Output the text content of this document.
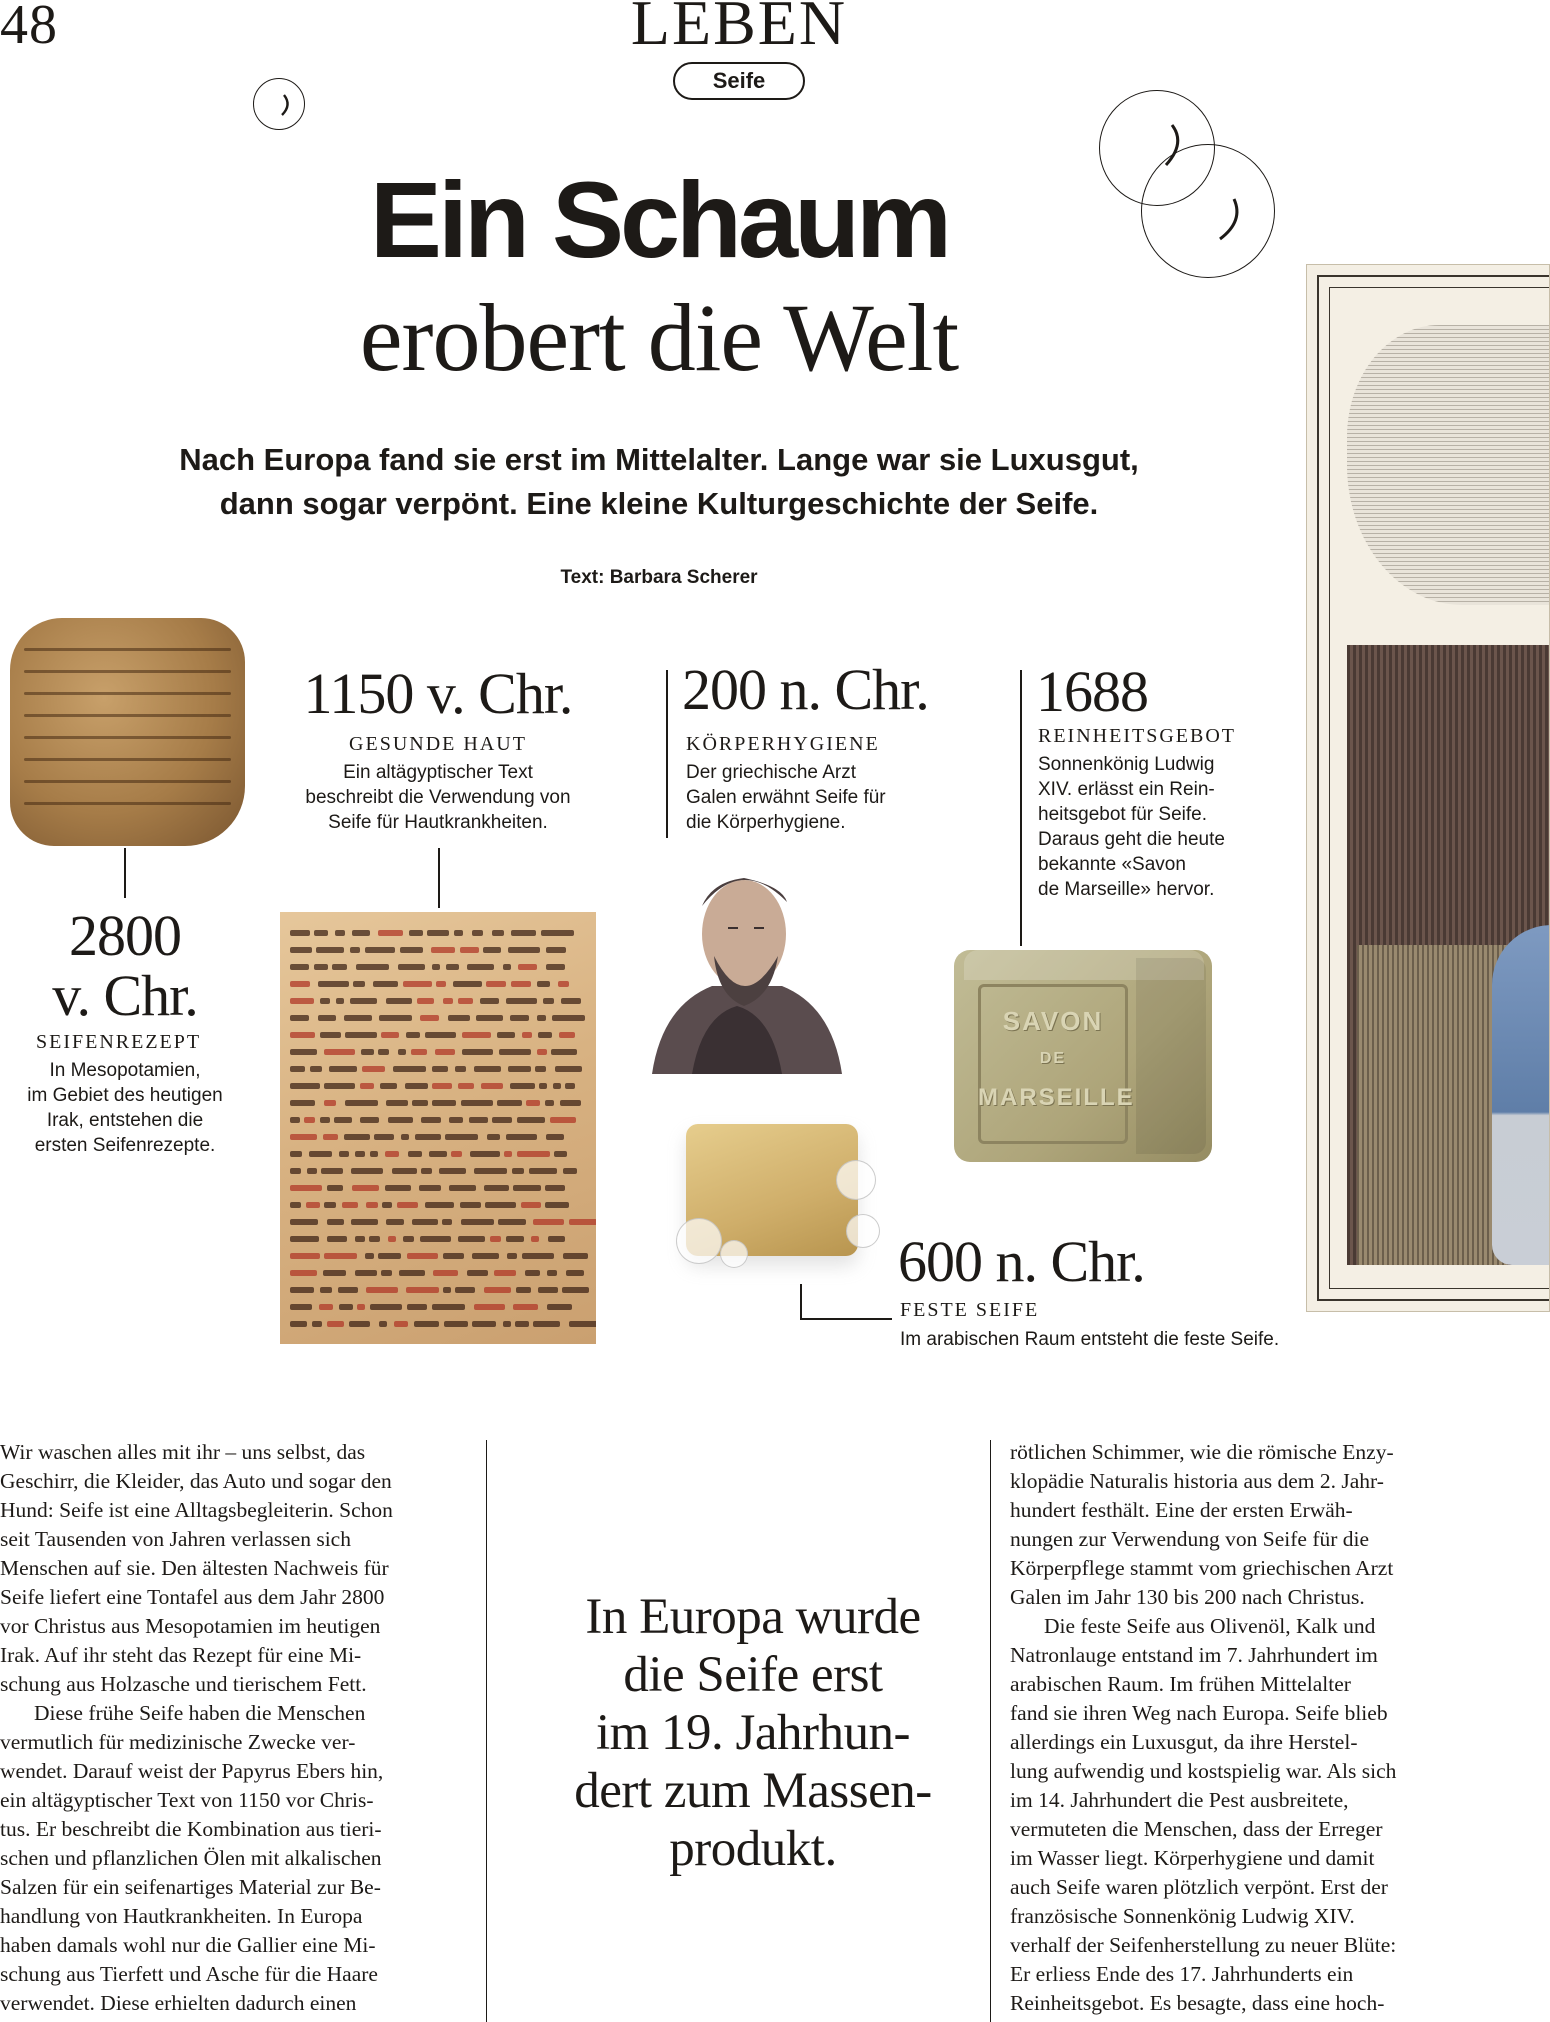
48	LEBEN
Seife
Ein Schaum
erobert die Welt
Nach Europa fand sie erst im Mittelalter. Lange war sie Luxusgut,
dann sogar verpönt. Eine kleine Kulturgeschichte der Seife.
Text: Barbara Scherer
SAVON
DE
MARSEILLE
2800
v. Chr.
SEIFENREZEPT
In Mesopotamien,
im Gebiet des heutigen
Irak, entstehen die
ersten Seifenrezepte.
1150 v. Chr.
GESUNDE HAUT
Ein altägyptischer Text
beschreibt die Verwendung von
Seife für Hautkrankheiten.
200 n. Chr.
KÖRPERHYGIENE
Der griechische Arzt
Galen erwähnt Seife für
die Körperhygiene.
1688
REINHEITSGEBOT
Sonnenkönig Ludwig
XIV. erlässt ein Rein-
heitsgebot für Seife.
Daraus geht die heute
bekannte «Savon
de Marseille» hervor.
600 n. Chr.
FESTE SEIFE
Im arabischen Raum entsteht die feste Seife.

Wir waschen alles mit ihr – uns selbst, das

Geschirr, die Kleider, das Auto und sogar den

Hund: Seife ist eine Alltagsbegleiterin. Schon

seit Tausenden von Jahren verlassen sich

Menschen auf sie. Den ältesten Nachweis für

Seife liefert eine Tontafel aus dem Jahr 2800

vor Christus aus Mesopotamien im heutigen

Irak. Auf ihr steht das Rezept für eine Mi-

schung aus Holzasche und tierischem Fett.

Diese frühe Seife haben die Menschen

vermutlich für medizinische Zwecke ver-

wendet. Darauf weist der Papyrus Ebers hin,

ein altägyptischer Text von 1150 vor Chris-

tus. Er beschreibt die Kombination aus tieri-

schen und pflanzlichen Ölen mit alkalischen

Salzen für ein seifenartiges Material zur Be-

handlung von Hautkrankheiten. In Europa

haben damals wohl nur die Gallier eine Mi-

schung aus Tierfett und Asche für die Haare

verwendet. Diese erhielten dadurch einen

In Europa wurde
die Seife erst
im 19. Jahrhun-
dert zum Massen-
produkt.

rötlichen Schimmer, wie die römische Enzy-

klopädie Naturalis historia aus dem 2. Jahr-

hundert festhält. Eine der ersten Erwäh-

nungen zur Verwendung von Seife für die

Körperpflege stammt vom griechischen Arzt

Galen im Jahr 130 bis 200 nach Christus.

Die feste Seife aus Olivenöl, Kalk und

Natronlauge entstand im 7. Jahrhundert im

arabischen Raum. Im frühen Mittelalter

fand sie ihren Weg nach Europa. Seife blieb

allerdings ein Luxusgut, da ihre Herstel-

lung aufwendig und kostspielig war. Als sich

im 14. Jahrhundert die Pest ausbreitete,

vermuteten die Menschen, dass der Erreger

im Wasser liegt. Körperhygiene und damit

auch Seife waren plötzlich verpönt. Erst der

französische Sonnenkönig Ludwig XIV.

verhalf der Seifenherstellung zu neuer Blüte:

Er erliess Ende des 17. Jahrhunderts ein

Reinheitsgebot. Es besagte, dass eine hoch-
